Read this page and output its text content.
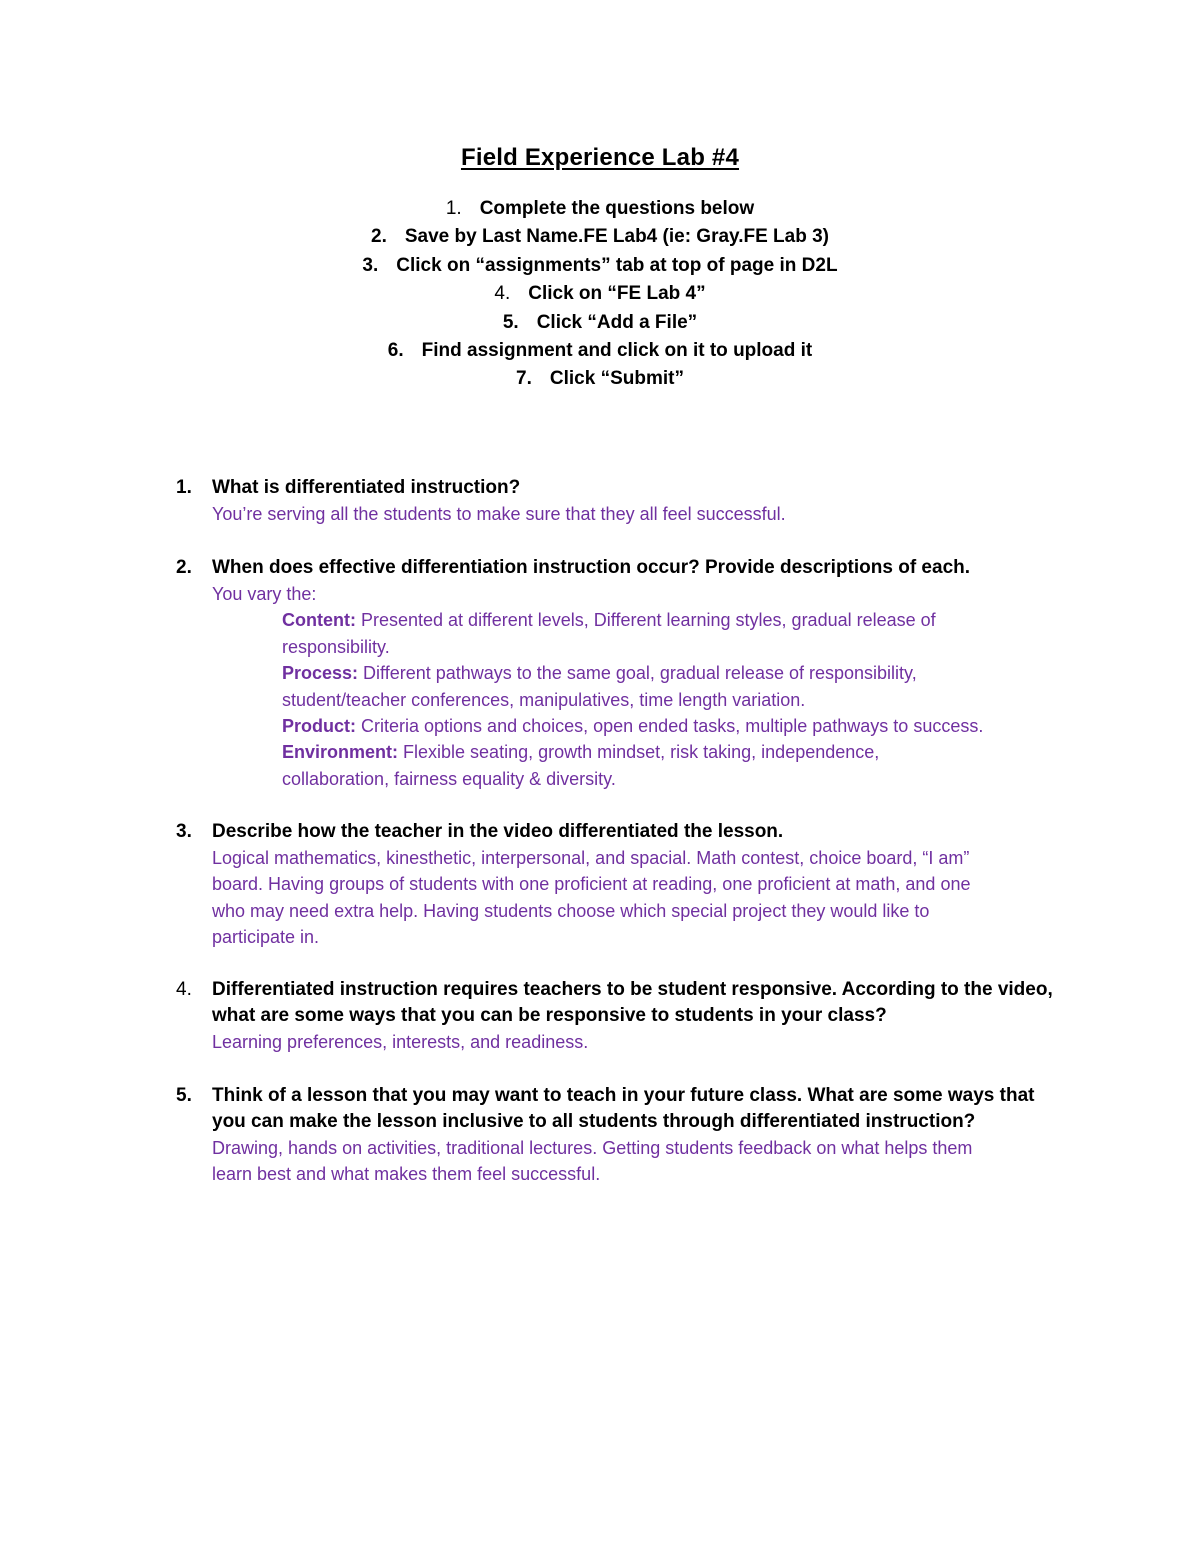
Field Experience Lab #4
1. Complete the questions below
2. Save by Last Name.FE Lab4 (ie: Gray.FE Lab 3)
3. Click on “assignments” tab at top of page in D2L
4. Click on “FE Lab 4”
5. Click “Add a File”
6. Find assignment and click on it to upload it
7. Click “Submit”
1. What is differentiated instruction?
You’re serving all the students to make sure that they all feel successful.
2. When does effective differentiation instruction occur? Provide descriptions of each.
You vary the:
Content: Presented at different levels, Different learning styles, gradual release of
responsibility.
Process: Different pathways to the same goal, gradual release of responsibility,
student/teacher conferences, manipulatives, time length variation.
Product: Criteria options and choices, open ended tasks, multiple pathways to success.
Environment: Flexible seating, growth mindset, risk taking, independence,
collaboration, fairness equality & diversity.
3. Describe how the teacher in the video differentiated the lesson.
Logical mathematics, kinesthetic, interpersonal, and spacial. Math contest, choice board, “I am”
board. Having groups of students with one proficient at reading, one proficient at math, and one
who may need extra help. Having students choose which special project they would like to
participate in.
4. Differentiated instruction requires teachers to be student responsive. According to the video,
what are some ways that you can be responsive to students in your class?
Learning preferences, interests, and readiness.
5. Think of a lesson that you may want to teach in your future class. What are some ways that
you can make the lesson inclusive to all students through differentiated instruction?
Drawing, hands on activities, traditional lectures. Getting students feedback on what helps them
learn best and what makes them feel successful.
